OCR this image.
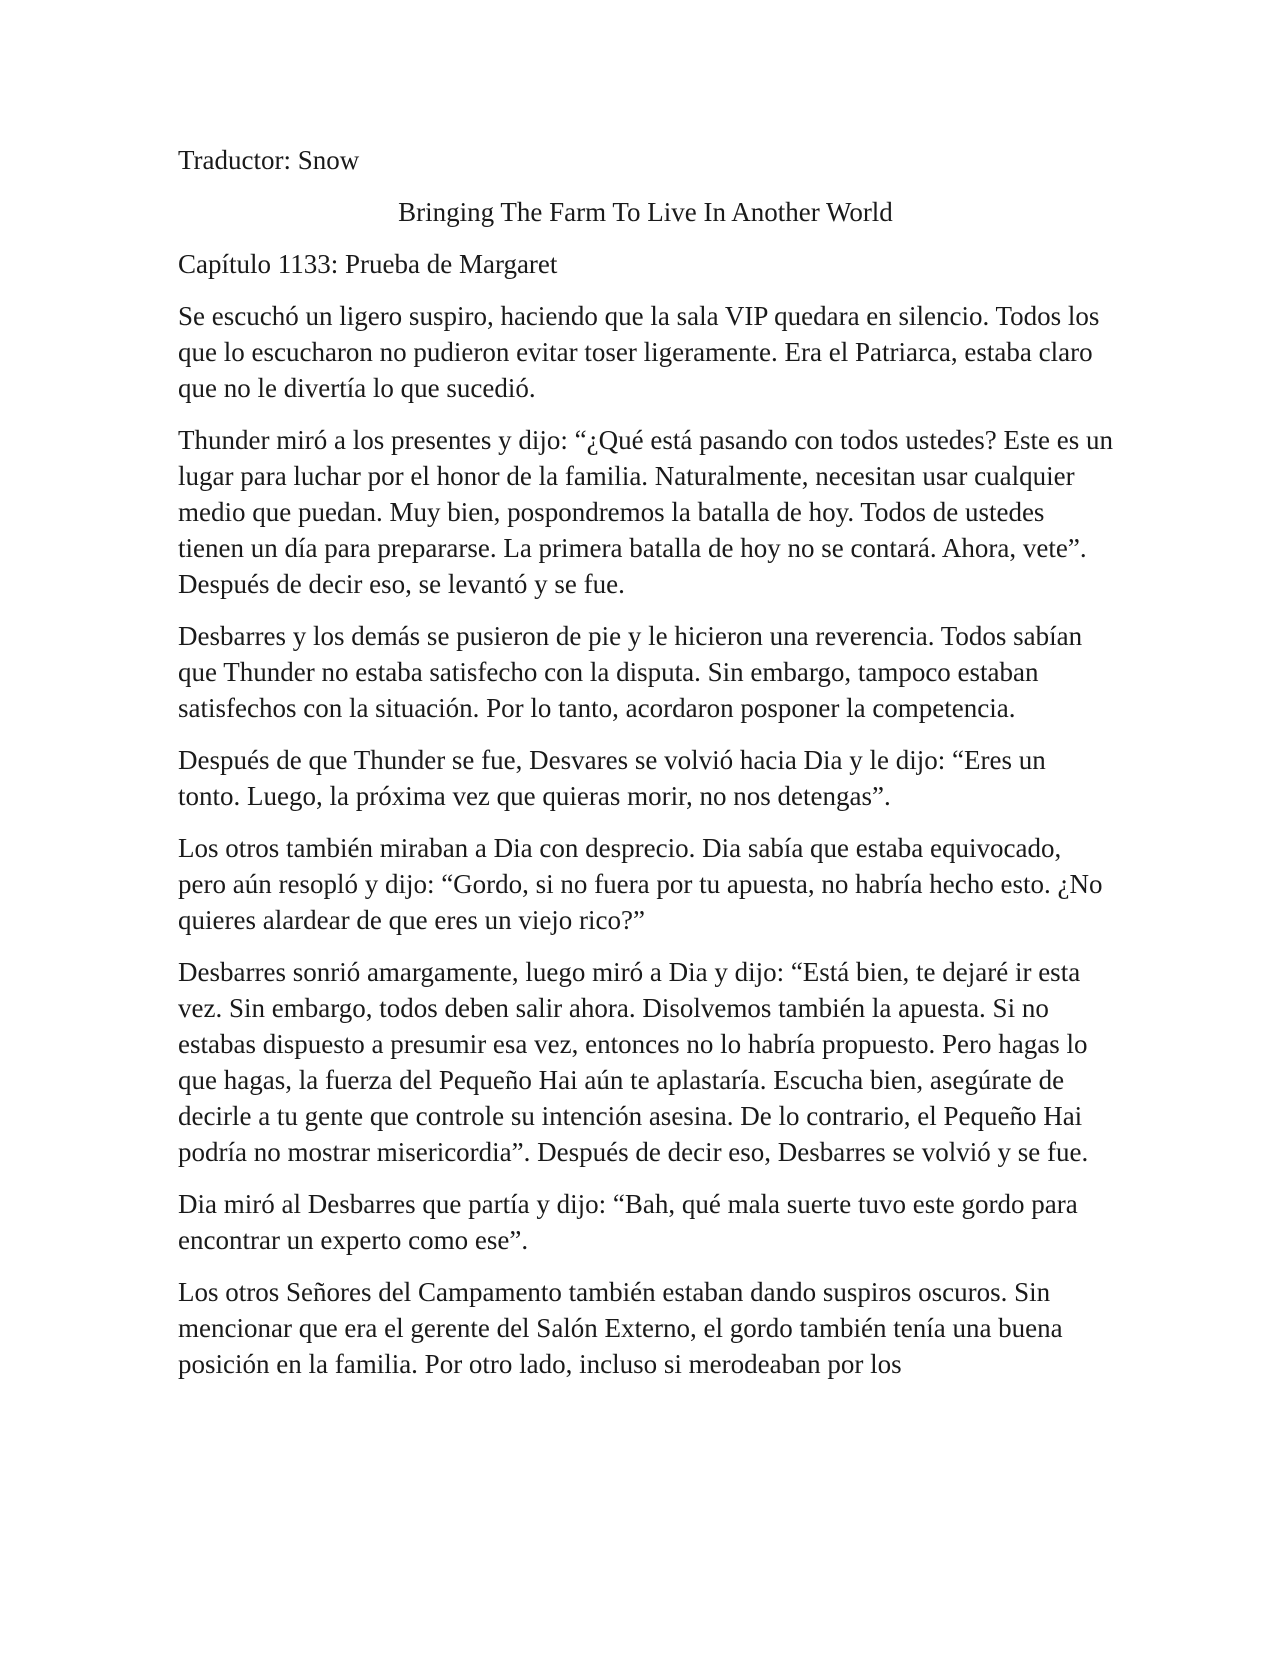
Traductor: Snow

Bringing The Farm To Live In Another World

Capítulo 1133: Prueba de Margaret

Se escuchó un ligero suspiro, haciendo que la sala VIP quedara en silencio. Todos los que lo escucharon no pudieron evitar toser ligeramente. Era el Patriarca, estaba claro que no le divertía lo que sucedió.

Thunder miró a los presentes y dijo: “¿Qué está pasando con todos ustedes? Este es un lugar para luchar por el honor de la familia. Naturalmente, necesitan usar cualquier medio que puedan. Muy bien, pospondremos la batalla de hoy. Todos de ustedes tienen un día para prepararse. La primera batalla de hoy no se contará. Ahora, vete”. Después de decir eso, se levantó y se fue.

Desbarres y los demás se pusieron de pie y le hicieron una reverencia. Todos sabían que Thunder no estaba satisfecho con la disputa. Sin embargo, tampoco estaban satisfechos con la situación. Por lo tanto, acordaron posponer la competencia.

Después de que Thunder se fue, Desvares se volvió hacia Dia y le dijo: “Eres un tonto. Luego, la próxima vez que quieras morir, no nos detengas”.

Los otros también miraban a Dia con desprecio. Dia sabía que estaba equivocado, pero aún resopló y dijo: “Gordo, si no fuera por tu apuesta, no habría hecho esto. ¿No quieres alardear de que eres un viejo rico?”

Desbarres sonrió amargamente, luego miró a Dia y dijo: “Está bien, te dejaré ir esta vez. Sin embargo, todos deben salir ahora. Disolvemos también la apuesta. Si no estabas dispuesto a presumir esa vez, entonces no lo habría propuesto. Pero hagas lo que hagas, la fuerza del Pequeño Hai aún te aplastaría. Escucha bien, asegúrate de decirle a tu gente que controle su intención asesina. De lo contrario, el Pequeño Hai podría no mostrar misericordia”. Después de decir eso, Desbarres se volvió y se fue.

Dia miró al Desbarres que partía y dijo: “Bah, qué mala suerte tuvo este gordo para encontrar un experto como ese”.

Los otros Señores del Campamento también estaban dando suspiros oscuros. Sin mencionar que era el gerente del Salón Externo, el gordo también tenía una buena posición en la familia. Por otro lado, incluso si merodeaban por los
